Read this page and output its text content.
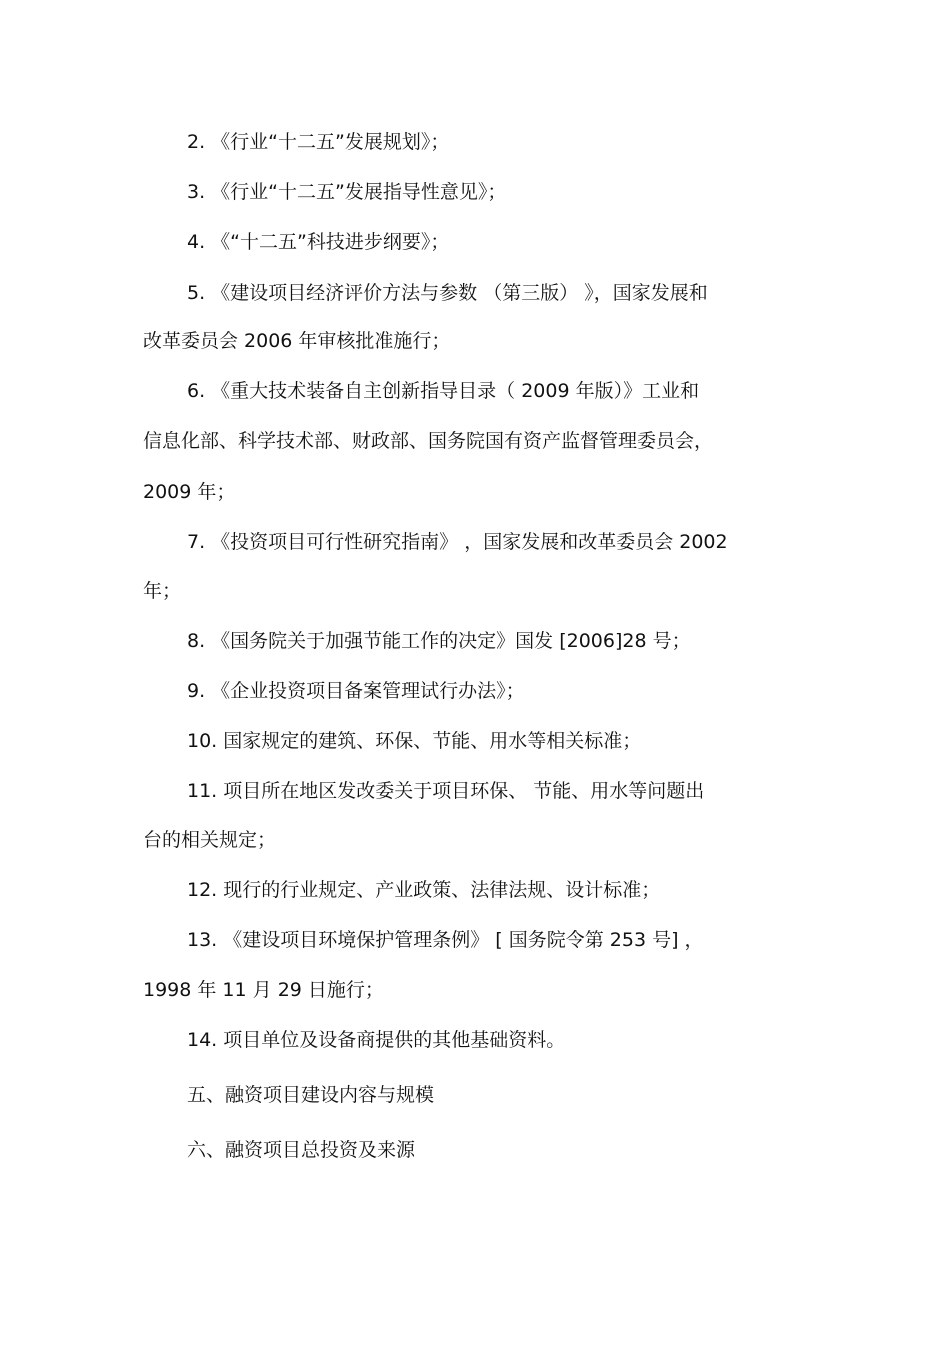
2. 《行业“十二五”发展规划》；
3. 《行业“十二五”发展指导性意见》；
4. 《“十二五”科技进步纲要》；
5. 《建设项目经济评价方法与参数 （第三版） 》，国家发展和
改革委员会 2006 年审核批准施行；
6. 《重大技术装备自主创新指导目录（ 2009 年版）》工业和
信息化部、科学技术部、财政部、国务院国有资产监督管理委员会，
2009 年；
7. 《投资项目可行性研究指南》 ，国家发展和改革委员会 2002
年；
8. 《国务院关于加强节能工作的决定》国发 [2006]28 号；
9. 《企业投资项目备案管理试行办法》；
10. 国家规定的建筑、环保、节能、用水等相关标准；
11. 项目所在地区发改委关于项目环保、 节能、用水等问题出
台的相关规定；
12. 现行的行业规定、产业政策、法律法规、设计标准；
13. 《建设项目环境保护管理条例》 [ 国务院令第 253 号] ，
1998 年 11 月 29 日施行；
14. 项目单位及设备商提供的其他基础资料。
五、融资项目建设内容与规模
六、融资项目总投资及来源
